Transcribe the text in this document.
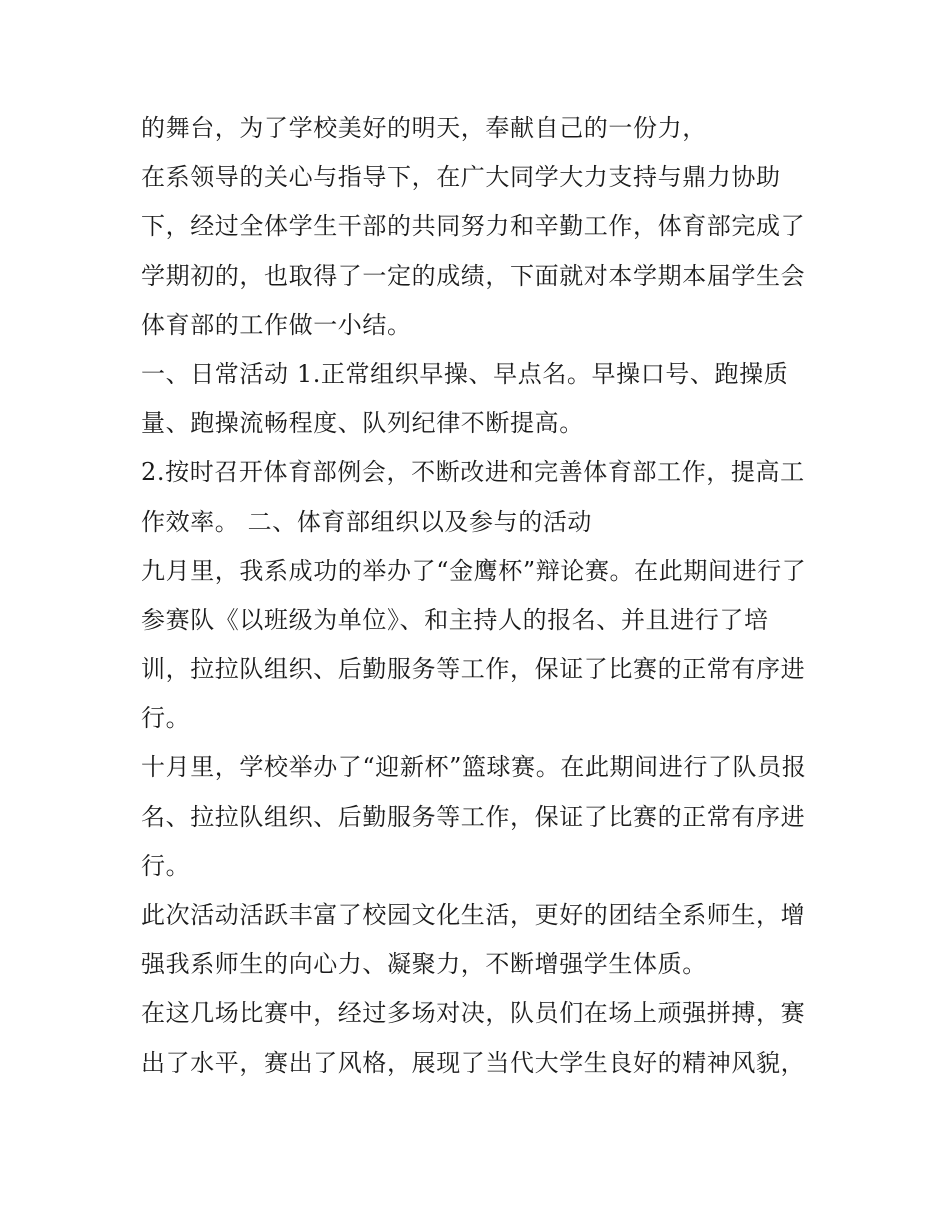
的舞台，为了学校美好的明天，奉献自己的一份力，
在系领导的关心与指导下，在广大同学大力支持与鼎力协助
下，经过全体学生干部的共同努力和辛勤工作，体育部完成了
学期初的，也取得了一定的成绩，下面就对本学期本届学生会
体育部的工作做一小结。
一、日常活动 1.正常组织早操、早点名。早操口号、跑操质
量、跑操流畅程度、队列纪律不断提高。
2.按时召开体育部例会，不断改进和完善体育部工作，提高工
作效率。 二、体育部组织以及参与的活动
九月里，我系成功的举办了“金鹰杯”辩论赛。在此期间进行了
参赛队《以班级为单位》、和主持人的报名、并且进行了培
训，拉拉队组织、后勤服务等工作，保证了比赛的正常有序进
行。
十月里，学校举办了“迎新杯”篮球赛。在此期间进行了队员报
名、拉拉队组织、后勤服务等工作，保证了比赛的正常有序进
行。
此次活动活跃丰富了校园文化生活，更好的团结全系师生，增
强我系师生的向心力、凝聚力，不断增强学生体质。
在这几场比赛中，经过多场对决，队员们在场上顽强拼搏，赛
出了水平，赛出了风格，展现了当代大学生良好的精神风貌，
